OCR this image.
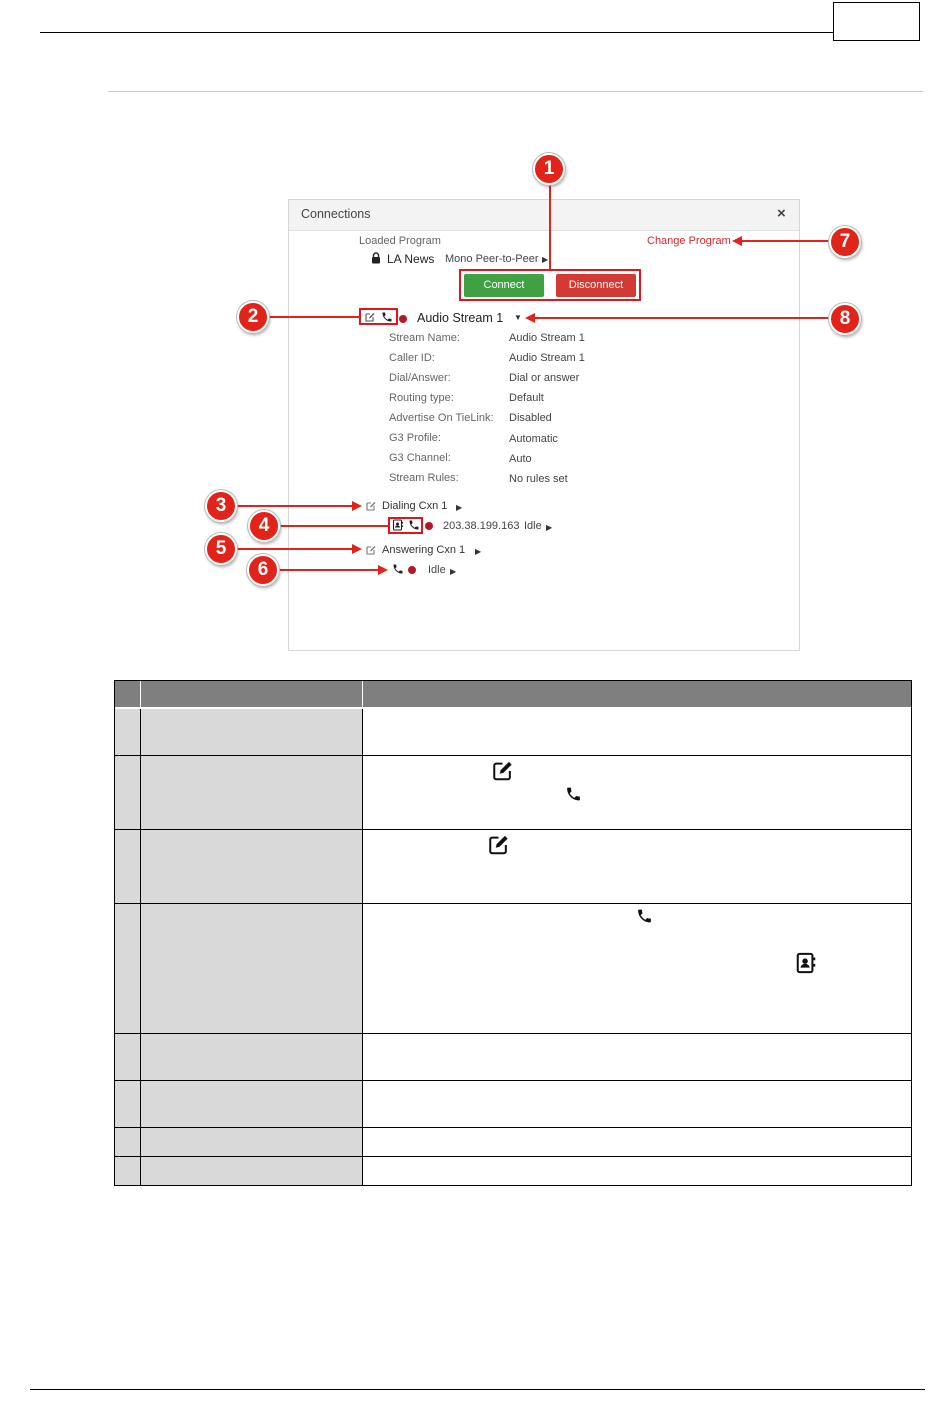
Connections	×
Loaded Program
LA News Mono Peer-to-Peer ▶
Change Program
Connect	Disconnect
Audio Stream 1 ▼
Stream Name:	Audio Stream 1
Caller ID:	Audio Stream 1
Dial/Answer:	Dial or answer
Routing type:	Default
Advertise On TieLink: Disabled
G3 Profile:	Automatic
G3 Channel:	Auto
Stream Rules:	No rules set
Dialing Cxn 1 ▶
203.38.199.163 Idle ▶
Answering Cxn 1 ▶
Idle ▶
1
2
3
4
5
6
7
8
